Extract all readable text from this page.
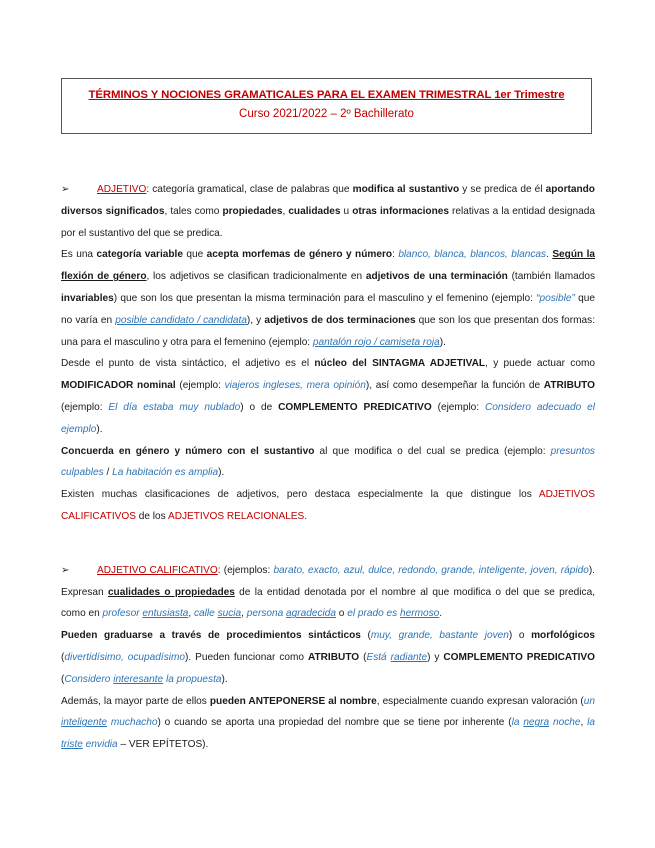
TÉRMINOS Y NOCIONES GRAMATICALES PARA EL EXAMEN TRIMESTRAL 1er Trimestre
Curso 2021/2022 – 2º Bachillerato

➢	ADJETIVO: categoría gramatical, clase de palabras que modifica al sustantivo y se predica de él aportando diversos significados, tales como propiedades, cualidades u otras informaciones relativas a la entidad designada por el sustantivo del que se predica.

Es una categoría variable que acepta morfemas de género y número: blanco, blanca, blancos, blancas. Según la flexión de género, los adjetivos se clasifican tradicionalmente en adjetivos de una terminación (también llamados invariables) que son los que presentan la misma terminación para el masculino y el femenino (ejemplo: “posible” que no varía en posible candidato / candidata), y adjetivos de dos terminaciones que son los que presentan dos formas: una para el masculino y otra para el femenino (ejemplo: pantalón rojo / camiseta roja).

Desde el punto de vista sintáctico, el adjetivo es el núcleo del SINTAGMA ADJETIVAL, y puede actuar como MODIFICADOR nominal (ejemplo: viajeros ingleses, mera opinión), así como desempeñar la función de ATRIBUTO (ejemplo: El día estaba muy nublado) o de COMPLEMENTO PREDICATIVO (ejemplo: Considero adecuado el ejemplo).

Concuerda en género y número con el sustantivo al que modifica o del cual se predica (ejemplo: presuntos culpables / La habitación es amplia).

Existen muchas clasificaciones de adjetivos, pero destaca especialmente la que distingue los ADJETIVOS CALIFICATIVOS de los ADJETIVOS RELACIONALES.

➢	ADJETIVO CALIFICATIVO: (ejemplos: barato, exacto, azul, dulce, redondo, grande, inteligente, joven, rápido). Expresan cualidades o propiedades de la entidad denotada por el nombre al que modifica o del que se predica, como en profesor entusiasta, calle sucia, persona agradecida o el prado es hermoso.

Pueden graduarse a través de procedimientos sintácticos (muy, grande, bastante joven) o morfológicos (divertidísimo, ocupadísimo). Pueden funcionar como ATRIBUTO (Está radiante) y COMPLEMENTO PREDICATIVO (Considero interesante la propuesta).

Además, la mayor parte de ellos pueden ANTEPONERSE al nombre, especialmente cuando expresan valoración (un inteligente muchacho) o cuando se aporta una propiedad del nombre que se tiene por inherente (la negra noche, la triste envidia – VER EPÍTETOS).
